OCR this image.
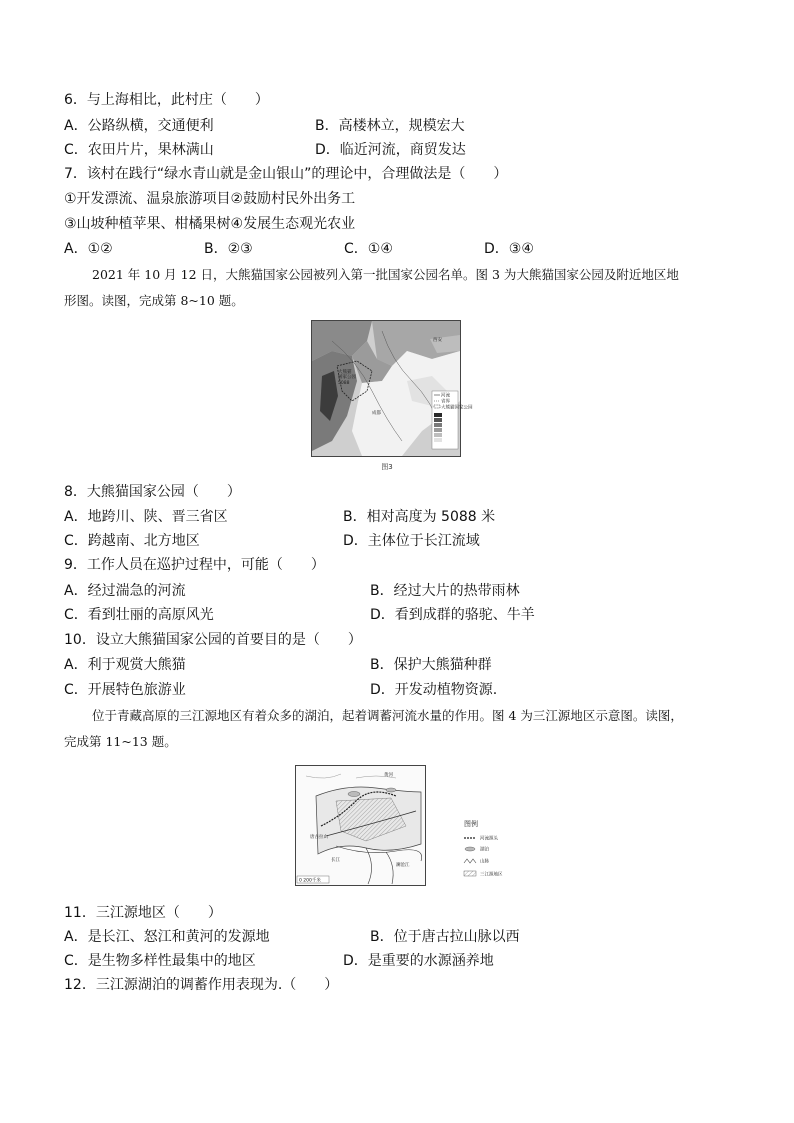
6．与上海相比，此村庄（　　）
A．公路纵横，交通便利	B．高楼林立，规模宏大
C．农田片片，果林满山	D．临近河流，商贸发达
7．该村在践行“绿水青山就是金山银山”的理论中，合理做法是（　　）
①开发漂流、温泉旅游项目②鼓励村民外出务工
③山坡种植苹果、柑橘果树④发展生态观光农业
A．①②	B．②③	C．①④	D．③④

2021 年 10 月 12 日，大熊猫国家公园被列入第一批国家公园名单。图 3 为大熊猫国家公园及附近地区地

形图。读图，完成第 8~10 题。
西安
成都
大熊猫
国家公园
5088
河流
省界
大熊猫国家公园
图3
8．大熊猫国家公园（　　）
A．地跨川、陕、晋三省区	B．相对高度为 5088 米
C．跨越南、北方地区	D．主体位于长江流域
9．工作人员在巡护过程中，可能（　　）
A．经过湍急的河流	B．经过大片的热带雨林
C．看到壮丽的高原风光	D．看到成群的骆驼、牛羊
10．设立大熊猫国家公园的首要目的是（　　）
A．利于观赏大熊猫	B．保护大熊猫种群
C．开展特色旅游业	D．开发动植物资源.

位于青藏高原的三江源地区有着众多的湖泊，起着调蓄河流水量的作用。图 4 为三江源地区示意图。读图，

完成第 11~13 题。
黄河
唐古拉山
长江
澜沧江
0 200千米
图例
河流源头
湖泊
山脉
三江源地区
11．三江源地区（　　）
A．是长江、怒江和黄河的发源地	B．位于唐古拉山脉以西
C．是生物多样性最集中的地区	D．是重要的水源涵养地
12．三江源湖泊的调蓄作用表现为.（　　）
